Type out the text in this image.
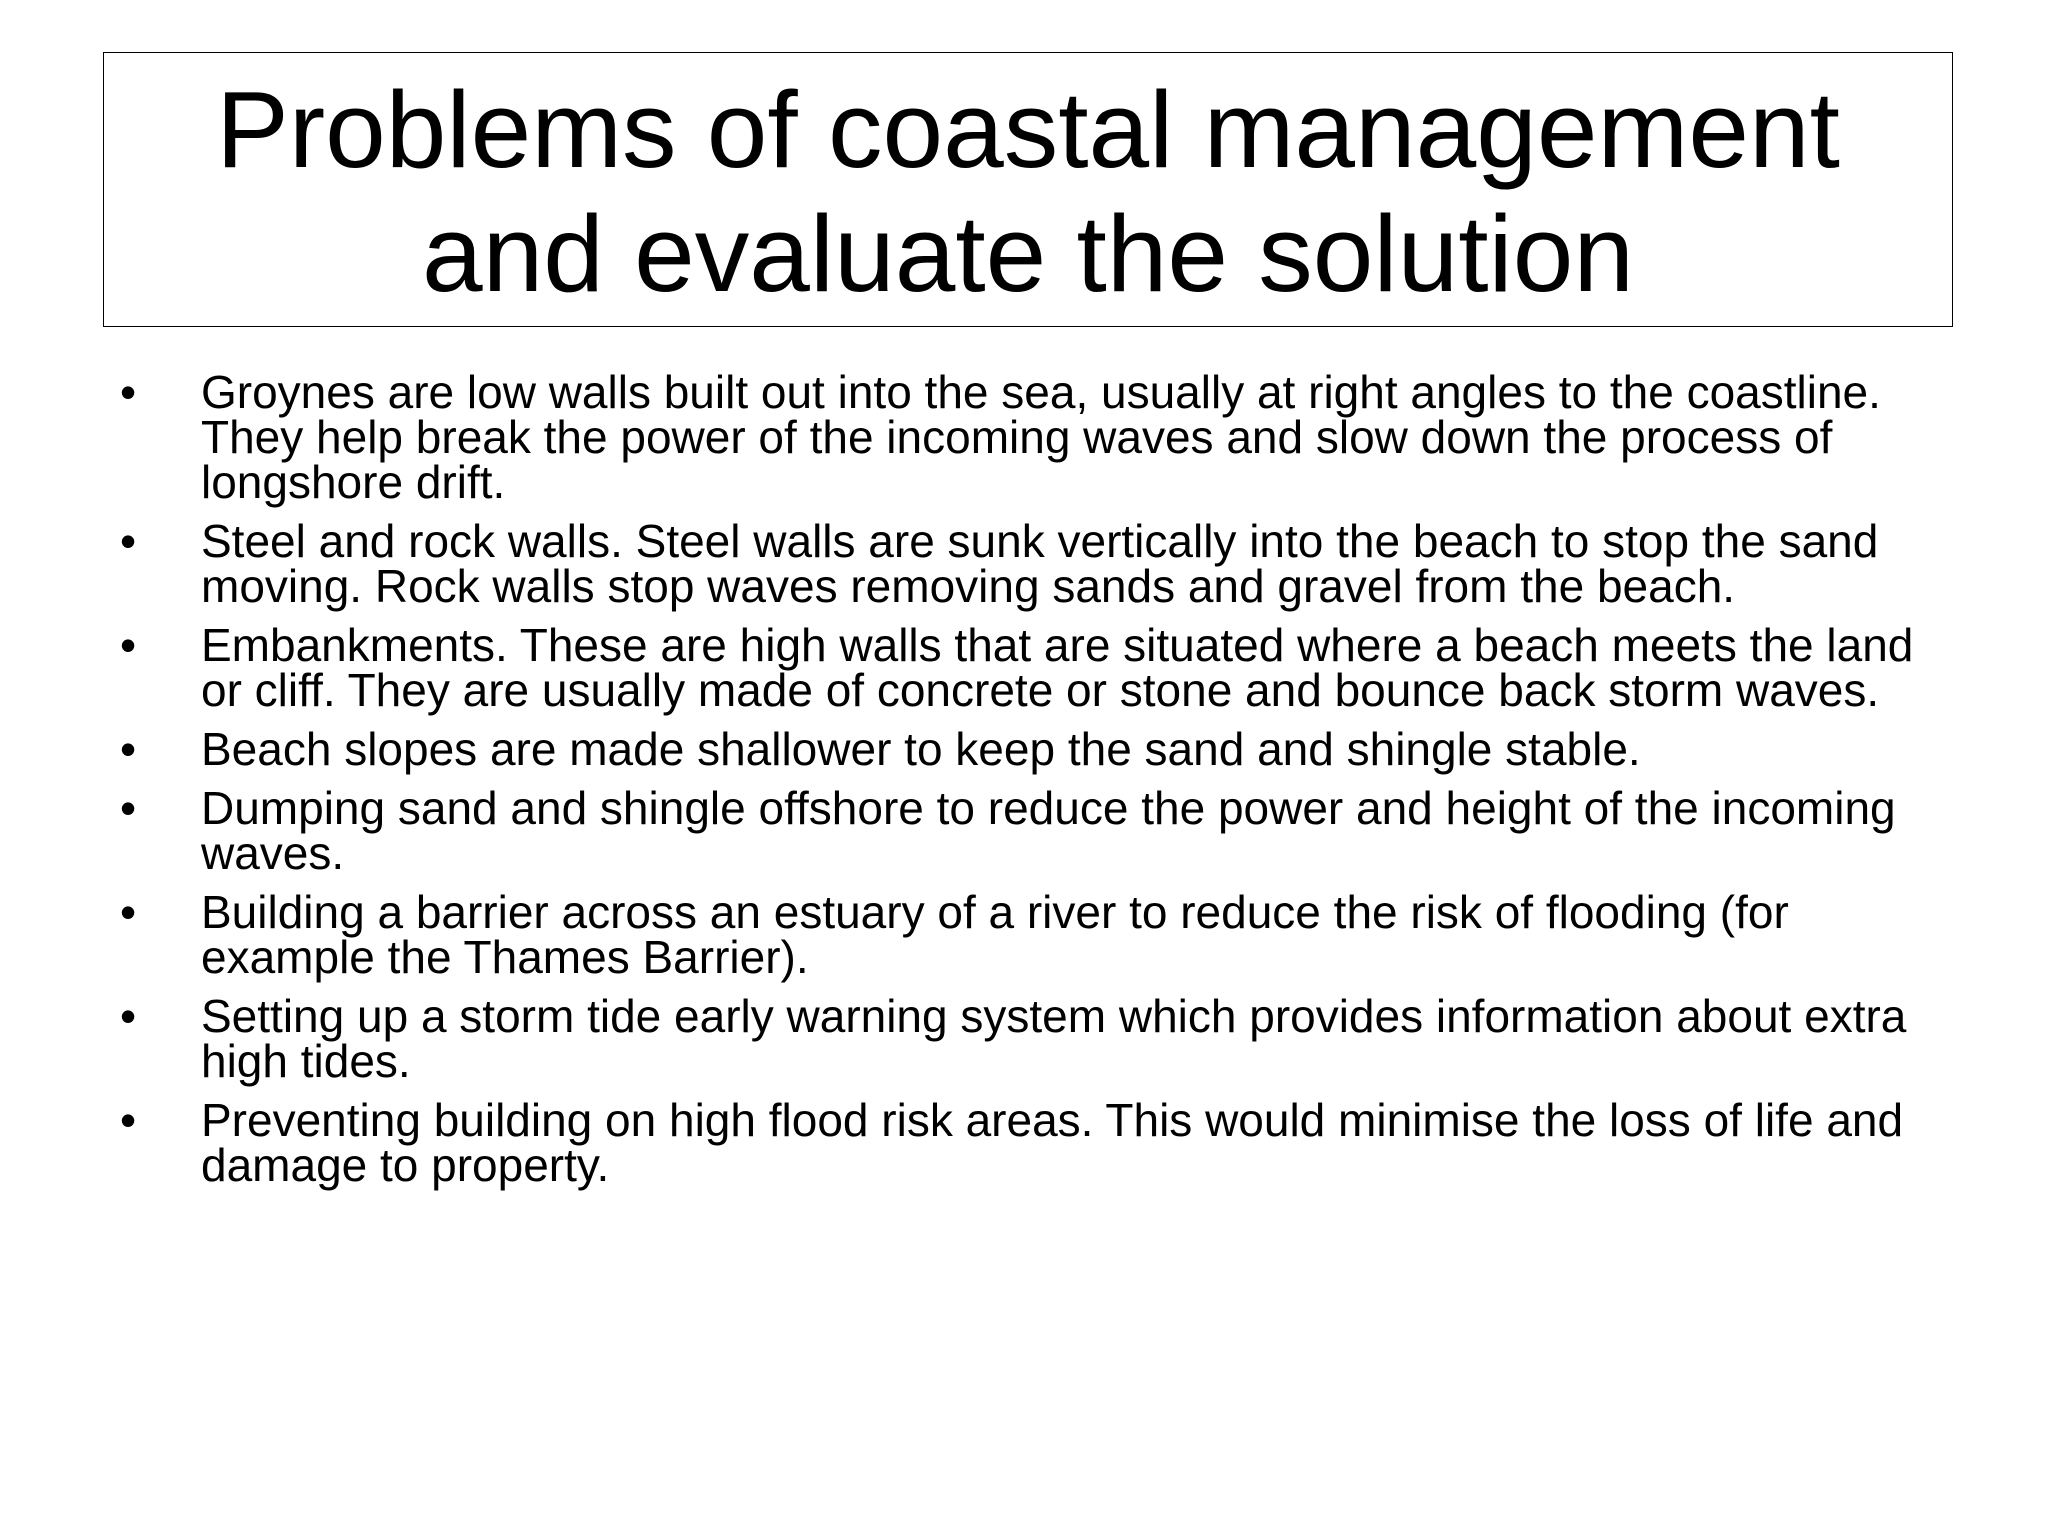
Problems of coastal management
and evaluate the solution
•	Groynes are low walls built out into the sea, usually at right angles to the coastline. They help break the power of the incoming waves and slow down the process of longshore drift.
•	Steel and rock walls. Steel walls are sunk vertically into the beach to stop the sand moving. Rock walls stop waves removing sands and gravel from the beach.
•	Embankments. These are high walls that are situated where a beach meets the land or cliff. They are usually made of concrete or stone and bounce back storm waves.
•	Beach slopes are made shallower to keep the sand and shingle stable.
•	Dumping sand and shingle offshore to reduce the power and height of the incoming waves.
•	Building a barrier across an estuary of a river to reduce the risk of flooding (for example the Thames Barrier).
•	Setting up a storm tide early warning system which provides information about extra high tides.
•	Preventing building on high flood risk areas. This would minimise the loss of life and damage to property.
